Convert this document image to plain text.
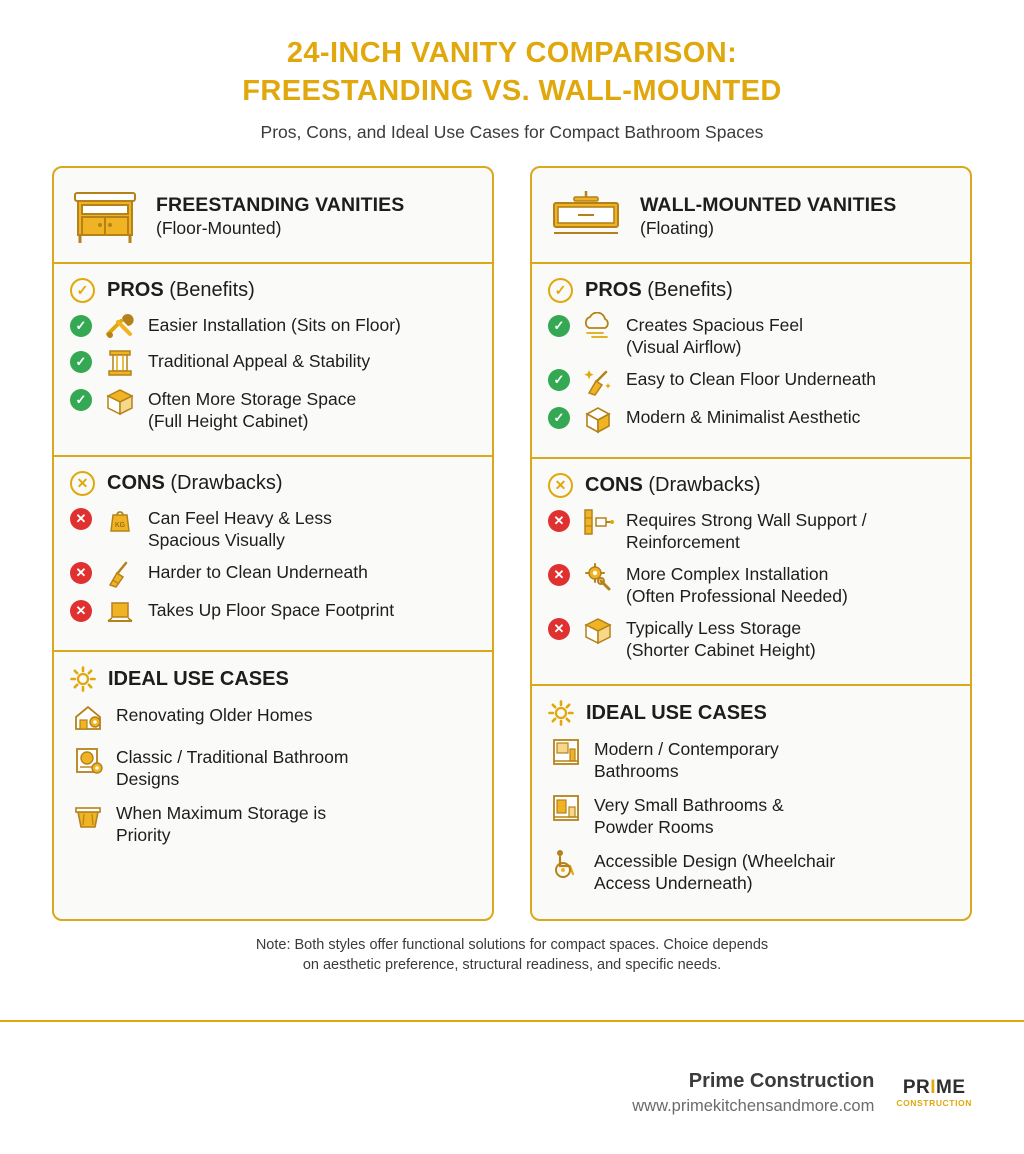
24-INCH VANITY COMPARISON:
FREESTANDING VS. WALL-MOUNTED
Pros, Cons, and Ideal Use Cases for Compact Bathroom Spaces
FREESTANDING VANITIES
(Floor-Mounted)
✓ PROS (Benefits)
✓	Easier Installation (Sits on Floor)
✓	Traditional Appeal & Stability
✓	Often More Storage Space
(Full Height Cabinet)
✕ CONS (Drawbacks)
✕	KG Can Feel Heavy & Less
Spacious Visually
✕	Harder to Clean Underneath
✕	Takes Up Floor Space Footprint
IDEAL USE CASES
Renovating Older Homes
Classic / Traditional Bathroom
Designs
When Maximum Storage is
Priority
WALL-MOUNTED VANITIES
(Floating)
✓ PROS (Benefits)
✓	Creates Spacious Feel
(Visual Airflow)
✓	Easy to Clean Floor Underneath
✓	Modern & Minimalist Aesthetic
✕ CONS (Drawbacks)
✕	Requires Strong Wall Support /
Reinforcement
✕	More Complex Installation
(Often Professional Needed)
✕	Typically Less Storage
(Shorter Cabinet Height)
IDEAL USE CASES
Modern / Contemporary
Bathrooms
Very Small Bathrooms &
Powder Rooms
Accessible Design (Wheelchair
Access Underneath)
Note: Both styles offer functional solutions for compact spaces. Choice depends
on aesthetic preference, structural readiness, and specific needs.
Prime Construction
www.primekitchensandmore.com
PRIME
CONSTRUCTION
